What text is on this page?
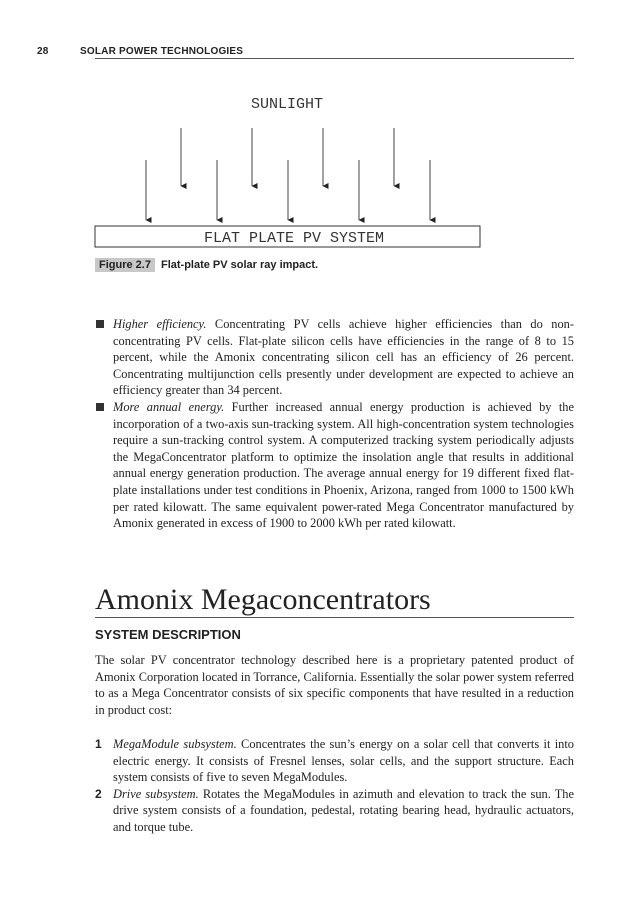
28	SOLAR POWER TECHNOLOGIES
SUNLIGHT
FLAT PLATE PV SYSTEM
Figure 2.7 Flat-plate PV solar ray impact.
Higher efficiency. Concentrating PV cells achieve higher efficiencies than do non-concentrating PV cells. Flat-plate silicon cells have efficiencies in the range of 8 to 15 percent, while the Amonix concentrating silicon cell has an efficiency of 26 percent. Concentrating multijunction cells presently under development are expected to achieve an efficiency greater than 34 percent.
More annual energy. Further increased annual energy production is achieved by the incorporation of a two-axis sun-tracking system. All high-concentration system technologies require a sun-tracking control system. A computerized tracking system periodically adjusts the MegaConcentrator platform to optimize the insolation angle that results in additional annual energy generation production. The average annual energy for 19 different fixed flat-plate installations under test conditions in Phoenix, Arizona, ranged from 1000 to 1500 kWh per rated kilowatt. The same equivalent power-rated Mega Concentrator manufactured by Amonix generated in excess of 1900 to 2000 kWh per rated kilowatt.
Amonix Megaconcentrators
SYSTEM DESCRIPTION
The solar PV concentrator technology described here is a proprietary patented product of Amonix Corporation located in Torrance, California. Essentially the solar power system referred to as a Mega Concentrator consists of six specific components that have resulted in a reduction in product cost:
1 MegaModule subsystem. Concentrates the sun’s energy on a solar cell that converts it into electric energy. It consists of Fresnel lenses, solar cells, and the support structure. Each system consists of five to seven MegaModules.
2 Drive subsystem. Rotates the MegaModules in azimuth and elevation to track the sun. The drive system consists of a foundation, pedestal, rotating bearing head, hydraulic actuators, and torque tube.
